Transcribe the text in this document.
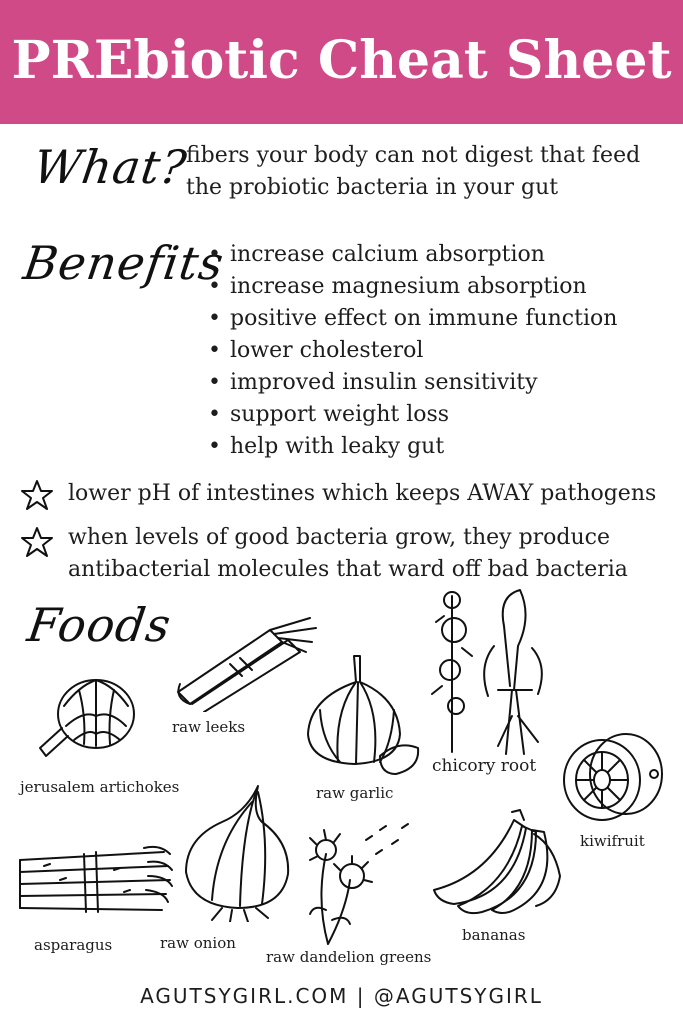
PREbiotic Cheat Sheet
What?
fibers your body can not digest that feed
the probiotic bacteria in your gut
Benefits
• increase calcium absorption
• increase magnesium absorption
• positive effect on immune function
• lower cholesterol
• improved insulin sensitivity
• support weight loss
• help with leaky gut
lower pH of intestines which keeps AWAY pathogens
when levels of good bacteria grow, they produce
antibacterial molecules that ward off bad bacteria
Foods
jerusalem artichokes
raw leeks
raw garlic
chicory root
kiwifruit
asparagus	raw onion
raw dandelion greens
bananas
AGUTSYGIRL.COM | @AGUTSYGIRL
